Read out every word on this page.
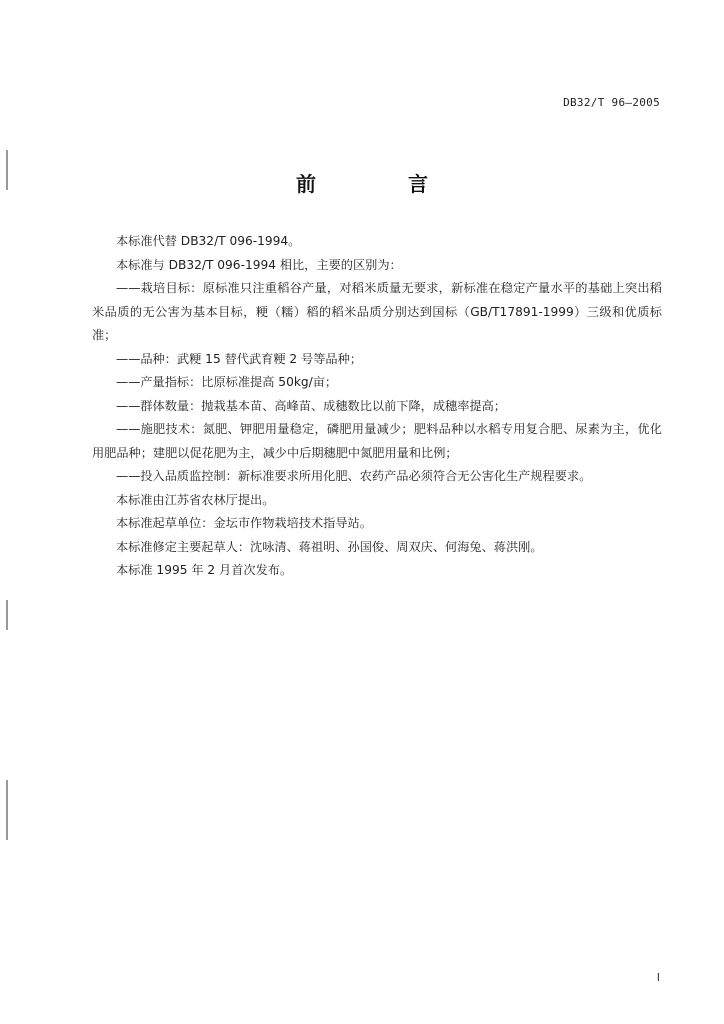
DB32/T 96—2005
前　言

本标准代替 DB32/T 096-1994。

本标准与 DB32/T 096-1994 相比，主要的区别为：

——栽培目标：原标准只注重稻谷产量，对稻米质量无要求，新标准在稳定产量水平的基础上突出稻米品质的无公害为基本目标，粳（糯）稻的稻米品质分别达到国标（GB/T17891-1999）三级和优质标准；

——品种：武粳 15 替代武育粳 2 号等品种；

——产量指标：比原标准提高 50kg/亩；

——群体数量：抛栽基本苗、高峰苗、成穗数比以前下降，成穗率提高；

——施肥技术：氮肥、钾肥用量稳定，磷肥用量减少；肥料品种以水稻专用复合肥、尿素为主，优化用肥品种；建肥以促花肥为主，减少中后期穗肥中氮肥用量和比例；

——投入品质监控制：新标准要求所用化肥、农药产品必须符合无公害化生产规程要求。

本标准由江苏省农林厅提出。

本标准起草单位：金坛市作物栽培技术指导站。

本标准修定主要起草人：沈咏清、蒋祖明、孙国俊、周双庆、何海兔、蒋洪刚。

本标准 1995 年 2 月首次发布。

I
